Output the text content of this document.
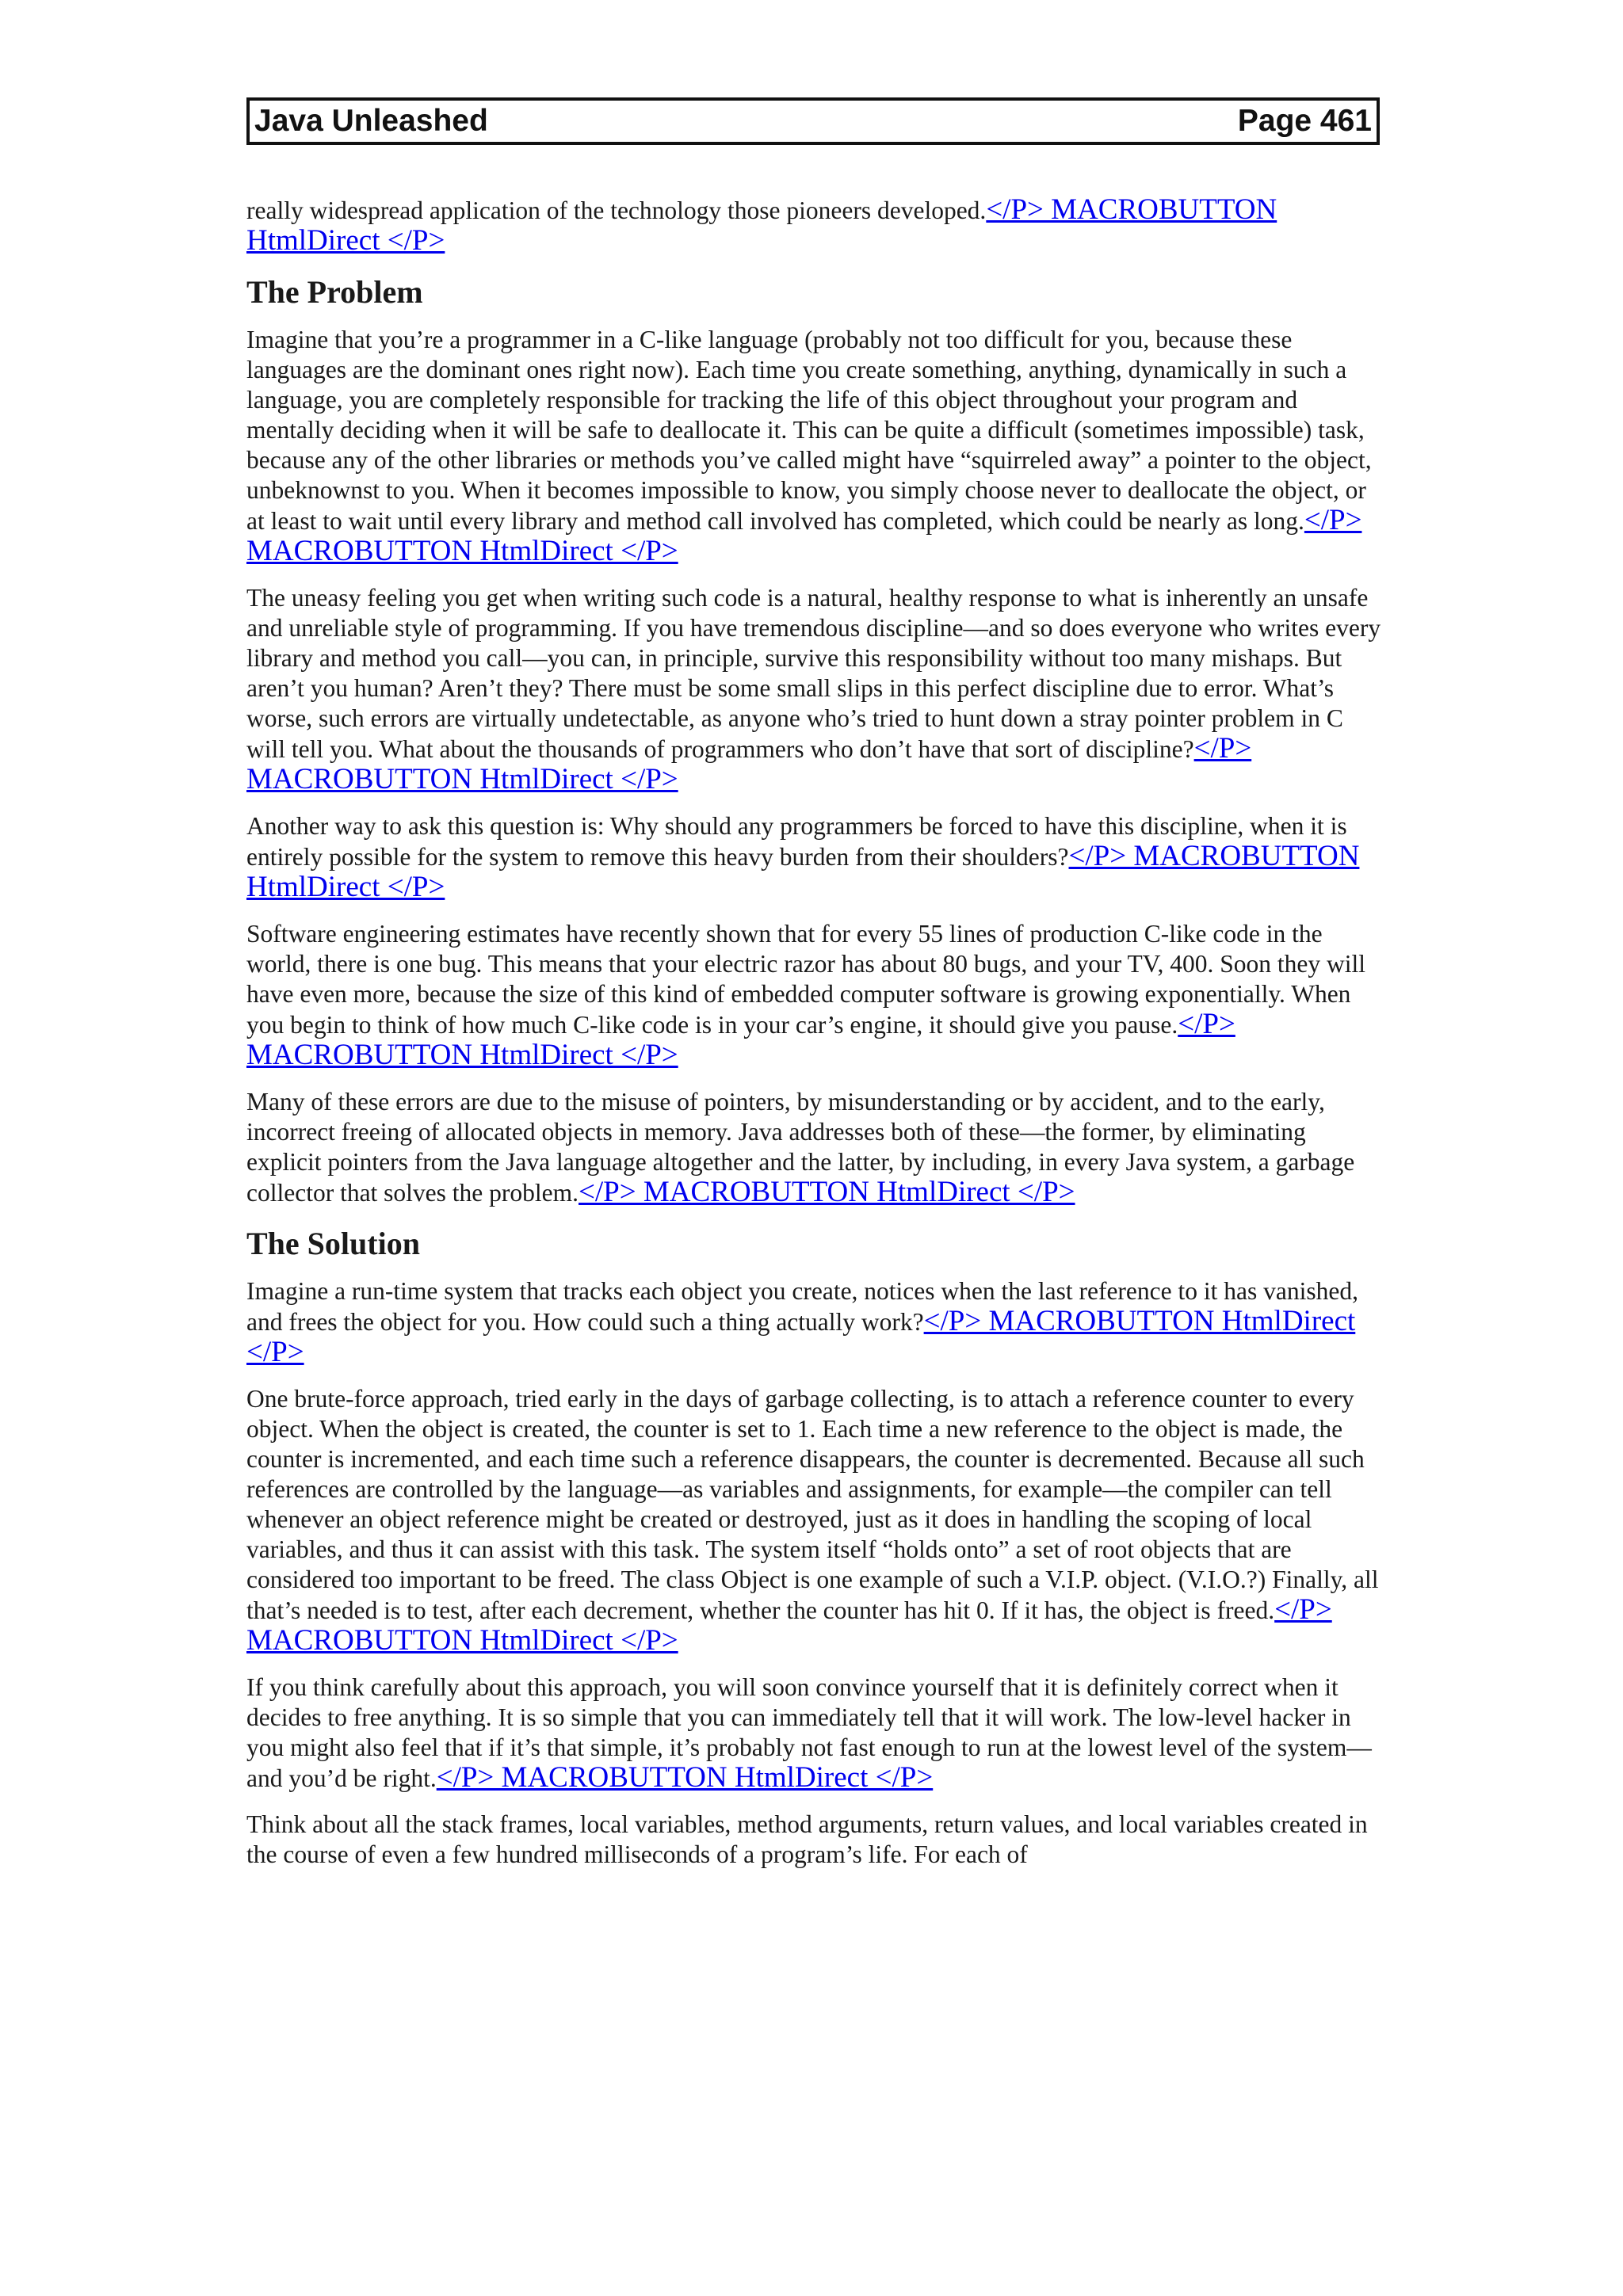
Java Unleashed	Page 461

really widespread application of the technology those pioneers developed.</P> MACROBUTTON HtmlDirect </P>

The Problem

Imagine that you’re a programmer in a C-like language (probably not too difficult for you, because these languages are the dominant ones right now). Each time you create something, anything, dynamically in such a language, you are completely responsible for tracking the life of this object throughout your program and mentally deciding when it will be safe to deallocate it. This can be quite a difficult (sometimes impossible) task, because any of the other libraries or methods you’ve called might have “squirreled away” a pointer to the object, unbeknownst to you. When it becomes impossible to know, you simply choose never to deallocate the object, or at least to wait until every library and method call involved has completed, which could be nearly as long.</P> MACROBUTTON HtmlDirect </P>

The uneasy feeling you get when writing such code is a natural, healthy response to what is inherently an unsafe and unreliable style of programming. If you have tremendous discipline—and so does everyone who writes every library and method you call—you can, in principle, survive this responsibility without too many mishaps. But aren’t you human? Aren’t they? There must be some small slips in this perfect discipline due to error. What’s worse, such errors are virtually undetectable, as anyone who’s tried to hunt down a stray pointer problem in C will tell you. What about the thousands of programmers who don’t have that sort of discipline?</P> MACROBUTTON HtmlDirect </P>

Another way to ask this question is: Why should any programmers be forced to have this discipline, when it is entirely possible for the system to remove this heavy burden from their shoulders?</P> MACROBUTTON HtmlDirect </P>

Software engineering estimates have recently shown that for every 55 lines of production C-like code in the world, there is one bug. This means that your electric razor has about 80 bugs, and your TV, 400. Soon they will have even more, because the size of this kind of embedded computer software is growing exponentially. When you begin to think of how much C-like code is in your car’s engine, it should give you pause.</P> MACROBUTTON HtmlDirect </P>

Many of these errors are due to the misuse of pointers, by misunderstanding or by accident, and to the early, incorrect freeing of allocated objects in memory. Java addresses both of these—the former, by eliminating explicit pointers from the Java language altogether and the latter, by including, in every Java system, a garbage collector that solves the problem.</P> MACROBUTTON HtmlDirect </P>

The Solution

Imagine a run-time system that tracks each object you create, notices when the last reference to it has vanished, and frees the object for you. How could such a thing actually work?</P> MACROBUTTON HtmlDirect </P>

One brute-force approach, tried early in the days of garbage collecting, is to attach a reference counter to every object. When the object is created, the counter is set to 1. Each time a new reference to the object is made, the counter is incremented, and each time such a reference disappears, the counter is decremented. Because all such references are controlled by the language—as variables and assignments, for example—the compiler can tell whenever an object reference might be created or destroyed, just as it does in handling the scoping of local variables, and thus it can assist with this task. The system itself “holds onto” a set of root objects that are considered too important to be freed. The class Object is one example of such a V.I.P. object. (V.I.O.?) Finally, all that’s needed is to test, after each decrement, whether the counter has hit 0. If it has, the object is freed.</P> MACROBUTTON HtmlDirect </P>

If you think carefully about this approach, you will soon convince yourself that it is definitely correct when it decides to free anything. It is so simple that you can immediately tell that it will work. The low-level hacker in you might also feel that if it’s that simple, it’s probably not fast enough to run at the lowest level of the system—and you’d be right.</P> MACROBUTTON HtmlDirect </P>

Think about all the stack frames, local variables, method arguments, return values, and local variables created in the course of even a few hundred milliseconds of a program’s life. For each of
